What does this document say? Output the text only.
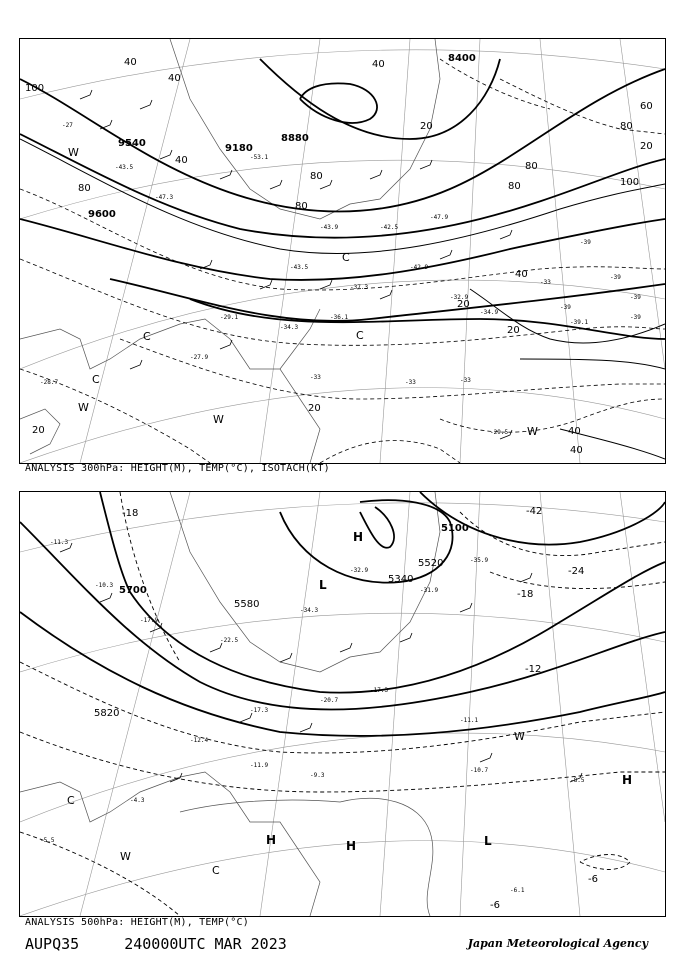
-27
-43.5
-47.3
-53.1
-43.9	-42.5
-47.9
-43.5
-37.3
-42.9
-32.9
-29.1
-34.3
-36.1
-27.9
-34.9
-39.1
-28.7
-29.5
9600
9540	9180
8880
8400
40
40
40
100
80
40
80
80
80
100
80
60
80
40
20
20
40
20
20
40
20
20
-33
-39
-39
-39
-39
-39
-33
-33	-33
C
C
C
W
W
W
C
W
ANALYSIS 300hPa: HEIGHT(M), TEMP(°C), ISOTACH(KT)
-11.3
-10.3
-17.9
-22.5
-34.3
-32.9
-31.9
-35.9
-17.3
-20.7
-17.3
-11.1
-12.4
-11.9
-9.3
-4.3
-5.5
-10.7
-8.5
-6.1
5700
5580
5340
5100
5820
5520
-18	-42
-24
-18
-12
-6
-6
H
H	H
H
L
L
C
W
C
W
ANALYSIS 500hPa: HEIGHT(M), TEMP(°C)
AUPQ35	240000UTC MAR 2023	Japan Meteorological Agency
